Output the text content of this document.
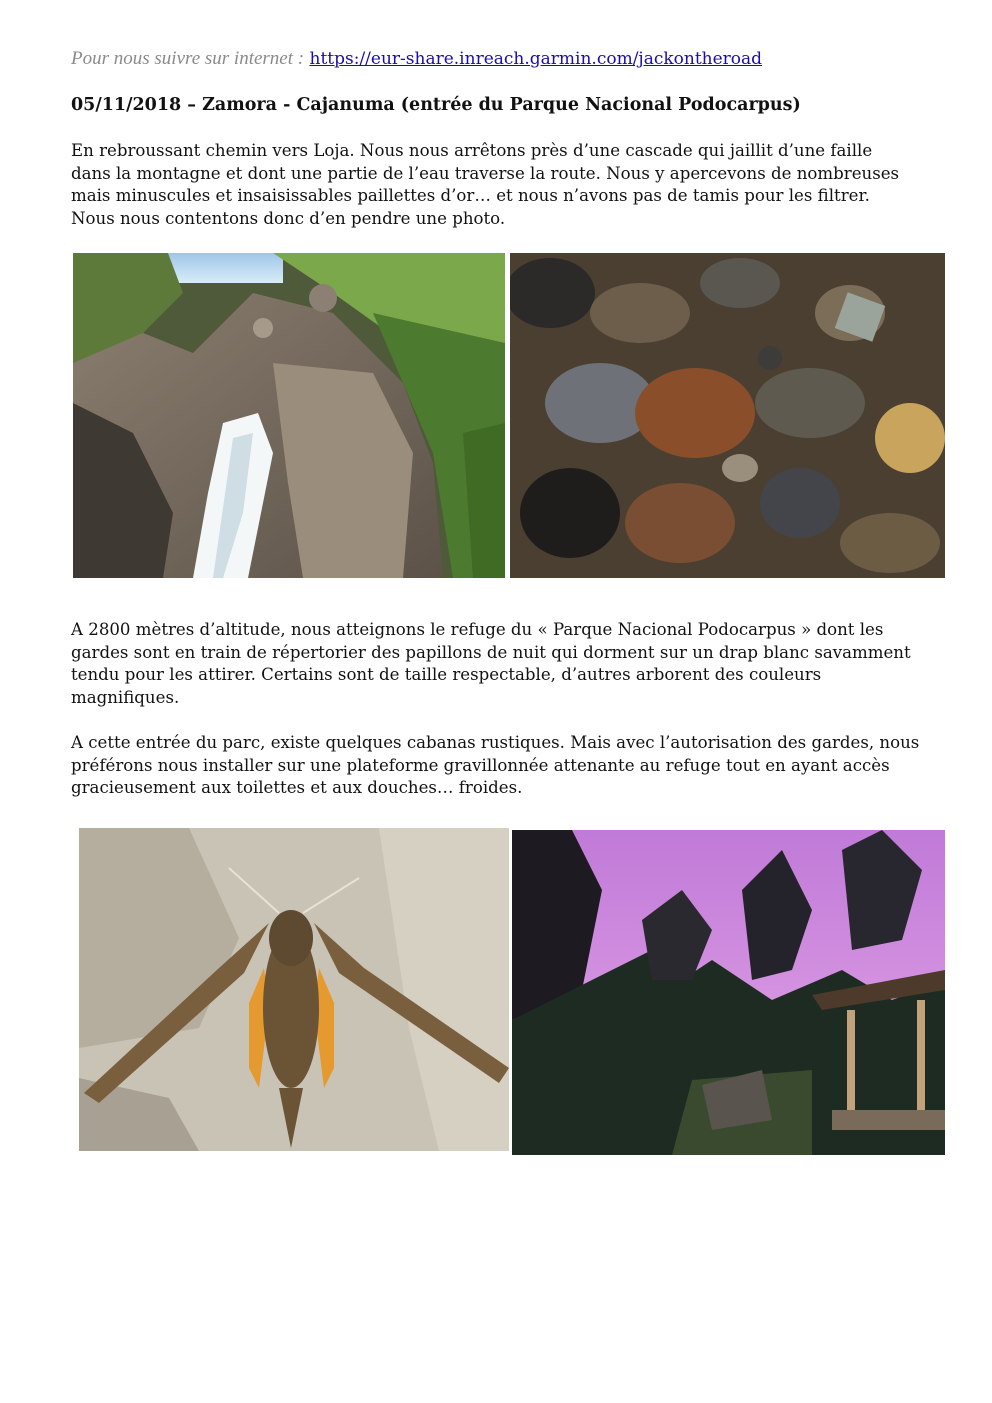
Pour nous suivre sur internet : https://eur-share.inreach.garmin.com/jackontheroad
05/11/2018 – Zamora - Cajanuma (entrée du Parque Nacional Podocarpus)

En rebroussant chemin vers Loja. Nous nous arrêtons près d’une cascade qui jaillit d’une faille
dans la montagne et dont une partie de l’eau traverse la route. Nous y apercevons de nombreuses
mais minuscules et insaisissables paillettes d’or… et nous n’avons pas de tamis pour les filtrer.
Nous nous contentons donc d’en pendre une photo.

A 2800 mètres d’altitude, nous atteignons le refuge du « Parque Nacional Podocarpus » dont les
gardes sont en train de répertorier des papillons de nuit qui dorment sur un drap blanc savamment
tendu pour les attirer. Certains sont de taille respectable, d’autres arborent des couleurs
magnifiques.

A cette entrée du parc, existe quelques cabanas rustiques. Mais avec l’autorisation des gardes, nous
préférons nous installer sur une plateforme gravillonnée attenante au refuge tout en ayant accès
gracieusement aux toilettes et aux douches… froides.
